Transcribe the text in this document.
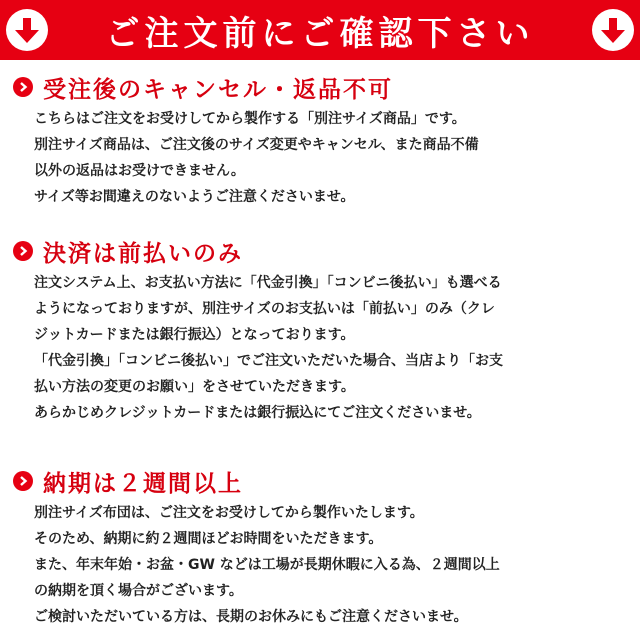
ご注文前にご確認下さい
受注後のキャンセル・返品不可
こちらはご注文をお受けしてから製作する「別注サイズ商品」です。
別注サイズ商品は、ご注文後のサイズ変更やキャンセル、また商品不備
以外の返品はお受けできません。
サイズ等お間違えのないようご注意くださいませ。
決済は前払いのみ
注文システム上、お支払い方法に「代金引換」「コンビニ後払い」も選べる
ようになっておりますが、別注サイズのお支払いは「前払い」のみ（クレ
ジットカードまたは銀行振込）となっております。
「代金引換」「コンビニ後払い」でご注文いただいた場合、当店より「お支
払い方法の変更のお願い」をさせていただきます。
あらかじめクレジットカードまたは銀行振込にてご注文くださいませ。
納期は２週間以上
別注サイズ布団は、ご注文をお受けしてから製作いたします。
そのため、納期に約２週間ほどお時間をいただきます。
また、年末年始・お盆・GW などは工場が長期休暇に入る為、２週間以上
の納期を頂く場合がございます。
ご検討いただいている方は、長期のお休みにもご注意くださいませ。
